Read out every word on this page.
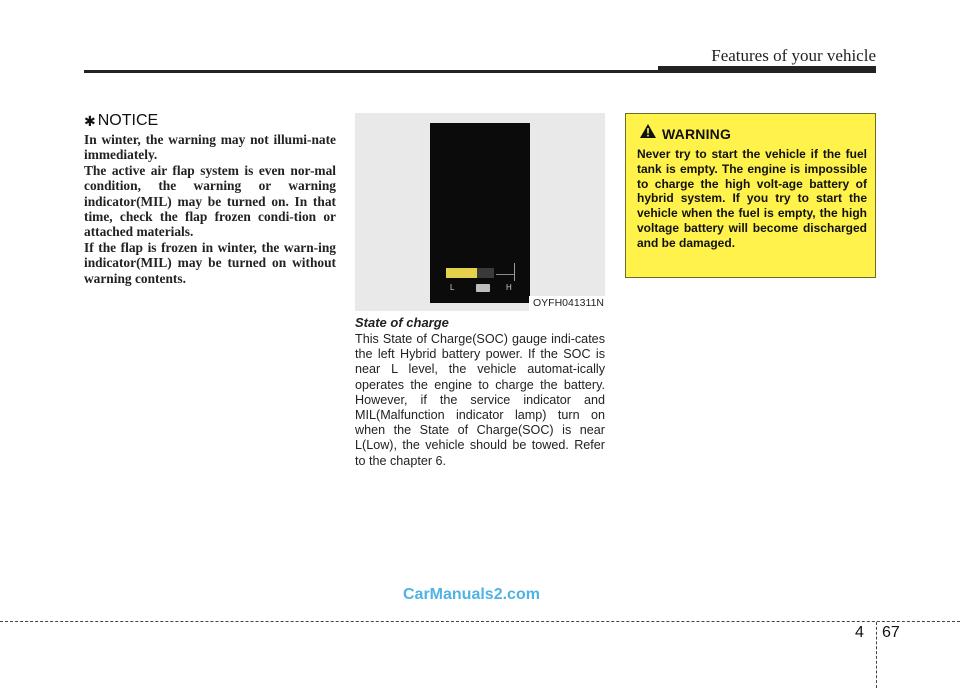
Features of your vehicle
✱ NOTICE

In winter, the warning may not illumi-nate immediately.

The active air flap system is even nor-mal condition, the warning or warning indicator(MIL) may be turned on. In that time, check the flap frozen condi-tion or attached materials.

If the flap is frozen in winter, the warn-ing indicator(MIL) may be turned on without warning contents.

L	H
OYFH041311N

State of charge

This State of Charge(SOC) gauge indi-cates the left Hybrid battery power. If the SOC is near L level, the vehicle automat-ically operates the engine to charge the battery. However, if the service indicator and MIL(Malfunction indicator lamp) turn on when the State of Charge(SOC) is near L(Low), the vehicle should be towed. Refer to the chapter 6.

WARNING

Never try to start the vehicle if the fuel tank is empty. The engine is impossible to charge the high volt-age battery of hybrid system. If you try to start the vehicle when the fuel is empty, the high voltage battery will become discharged and be damaged.

CarManuals2.com
4 67
